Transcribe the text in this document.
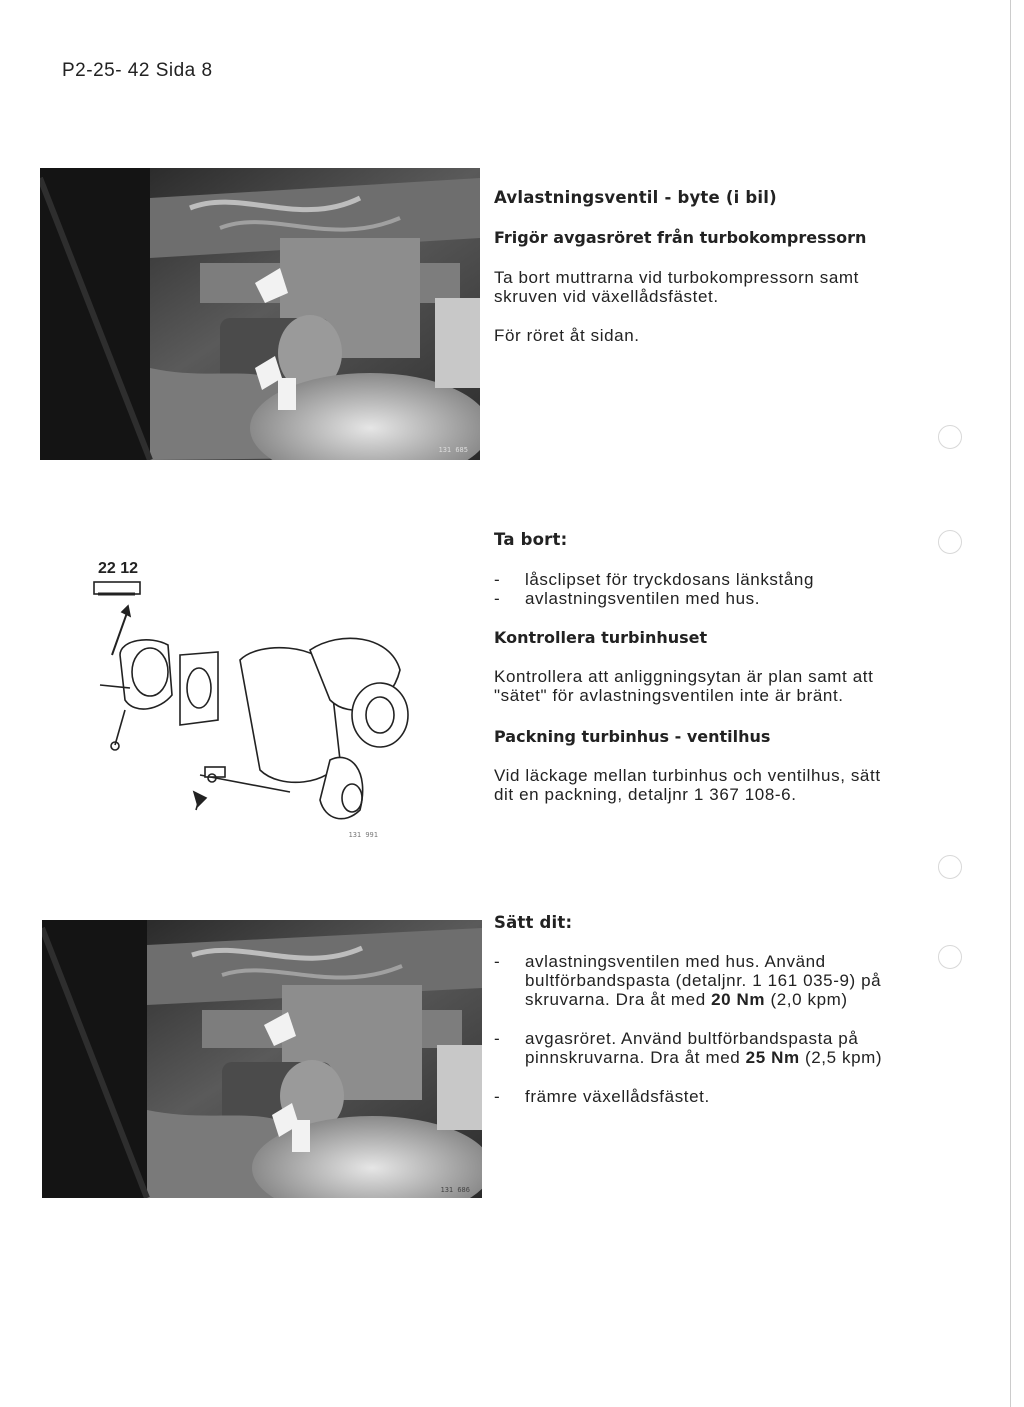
P2-25- 42 Sida 8
131 685
Avlastningsventil - byte (i bil)
Frigör avgasröret från turbokompressorn

Ta bort muttrarna vid turbokompressorn samt skruven vid växellådsfästet.

För röret åt sidan.

22 12
131 991
Ta bort:
- låsclipset för tryckdosans länkstång
- avlastningsventilen med hus.
Kontrollera turbinhuset

Kontrollera att anliggningsytan är plan samt att "sätet" för avlastningsventilen inte är bränt.

Packning turbinhus - ventilhus

Vid läckage mellan turbinhus och ventilhus, sätt dit en packning, detaljnr 1 367 108-6.

131 686
Sätt dit:
- avlastningsventilen med hus. Använd bultförbandspasta (detaljnr. 1 161 035-9) på skruvarna. Dra åt med 20 Nm (2,0 kpm)
- avgasröret. Använd bultförbandspasta på pinnskruvarna. Dra åt med 25 Nm (2,5 kpm)
- främre växellådsfästet.
